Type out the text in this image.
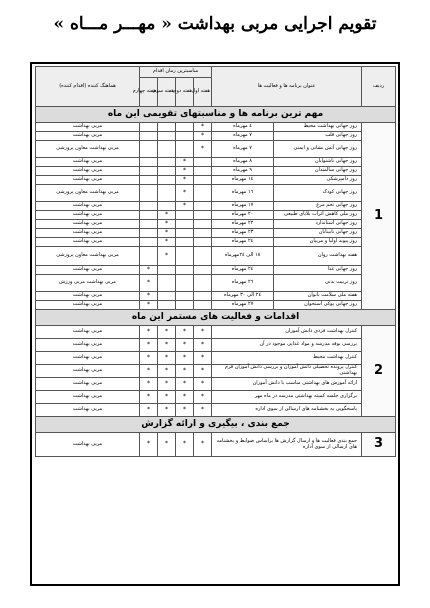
تقویم اجرایی مربی بهداشت « مهـــر مـــاه »
ردیف	عنوان برنامه ها و فعالیت ها		مناسبترین زمان اقدام				هماهنگ کننده (اقدام کننده)
			هفته اول	هفته دوم	هفته سوم	هفته چهارم	
مهم ترین برنامه ها و مناسبتهای تقویمی این ماه							
1	روز جهانی بهداشت محیط	٤ مهرماه	*				مربی بهداشت
	روز جهانی قلب	۷ مهرماه	*				مربی بهداشت
	روز جهانی آتش نشانی و ایمنی	۷ مهرماه	*				مربی بهداشت معاون پرورشی
	روز جهانی ناشنوایان	۸ مهرماه		*			مربی بهداشت
	روز جهانی سالمندان	۹ مهرماه		*			مربی بهداشت
	روز دامپزشکی	١٤ مهرماه		*			مربی بهداشت
	روز جهانی کودک	١٦ مهرماه		*			مربی بهداشت معاون پرورشی
	روز جهانی تخم مرغ	۱۷ مهرماه		*			مربی بهداشت
	روز ملی کاهش اثرات بلایای طبیعی	۲۰ مهرماه			*		مربی بهداشت
	روز جهانی استاندارد	۲۲ مهرماه			*		مربی بهداشت
	روز جهانی نابینایان	۲۳ مهرماه			*		مربی بهداشت
	روز پیوند اولیا و مربیان	۲٤ مهرماه			*		مربی بهداشت
	هفته بهداشت روان	۱۸ الی ۲٤مهرماه			*		مربی بهداشت معاون پرورشی
	روز جهانی غذا	۲٤ مهرماه				*	مربی بهداشت
	روز تربیت بدنی	۲٦ مهرماه				*	مربی بهداشت مربی ورزش
	هفته ملی سلامت بانوان	۲٤ الی ۳۰ مهرماه				*	مربی بهداشت
	روز جهانی پوکی استخوان	۲۷ مهرماه				*	مربی بهداشت
اقدامات و فعالیت های مستمر این ماه							
2	کنترل بهداشت فردی دانش آموزان		*	*	*	*	مربی بهداشت
	بررسی بوفه مدرسه و مواد غذایی موجود در آن		*	*	*	*	مربی بهداشت
	کنترل بهداشت محیط		*	*	*	*	مربی بهداشت
	کنترل پرونده تحصیلی دانش آموزان و بررسی دانش آموزان فرم بهداشتی		*	*	*	*	مربی بهداشت
	ارائه آموزش های بهداشتی مناسب با دانش آموزان		*	*	*	*	مربی بهداشت
	برگزاری جلسه کمیته بهداشتی مدرسه در ماه مهر		*	*	*	*	مربی بهداشت
	پاسخگویی به بخشنامه های ارسالی از سوی اداره		*	*	*	*	مربی بهداشت
جمع بندی ، بیگیری و ارائه گزارش							
3	جمع بندی فعالیت ها و ارسال گزارش ها براساس ضوابط و بخشنامه های ارسالی از سوی اداره		*	*	*	*	مربی بهداشت
